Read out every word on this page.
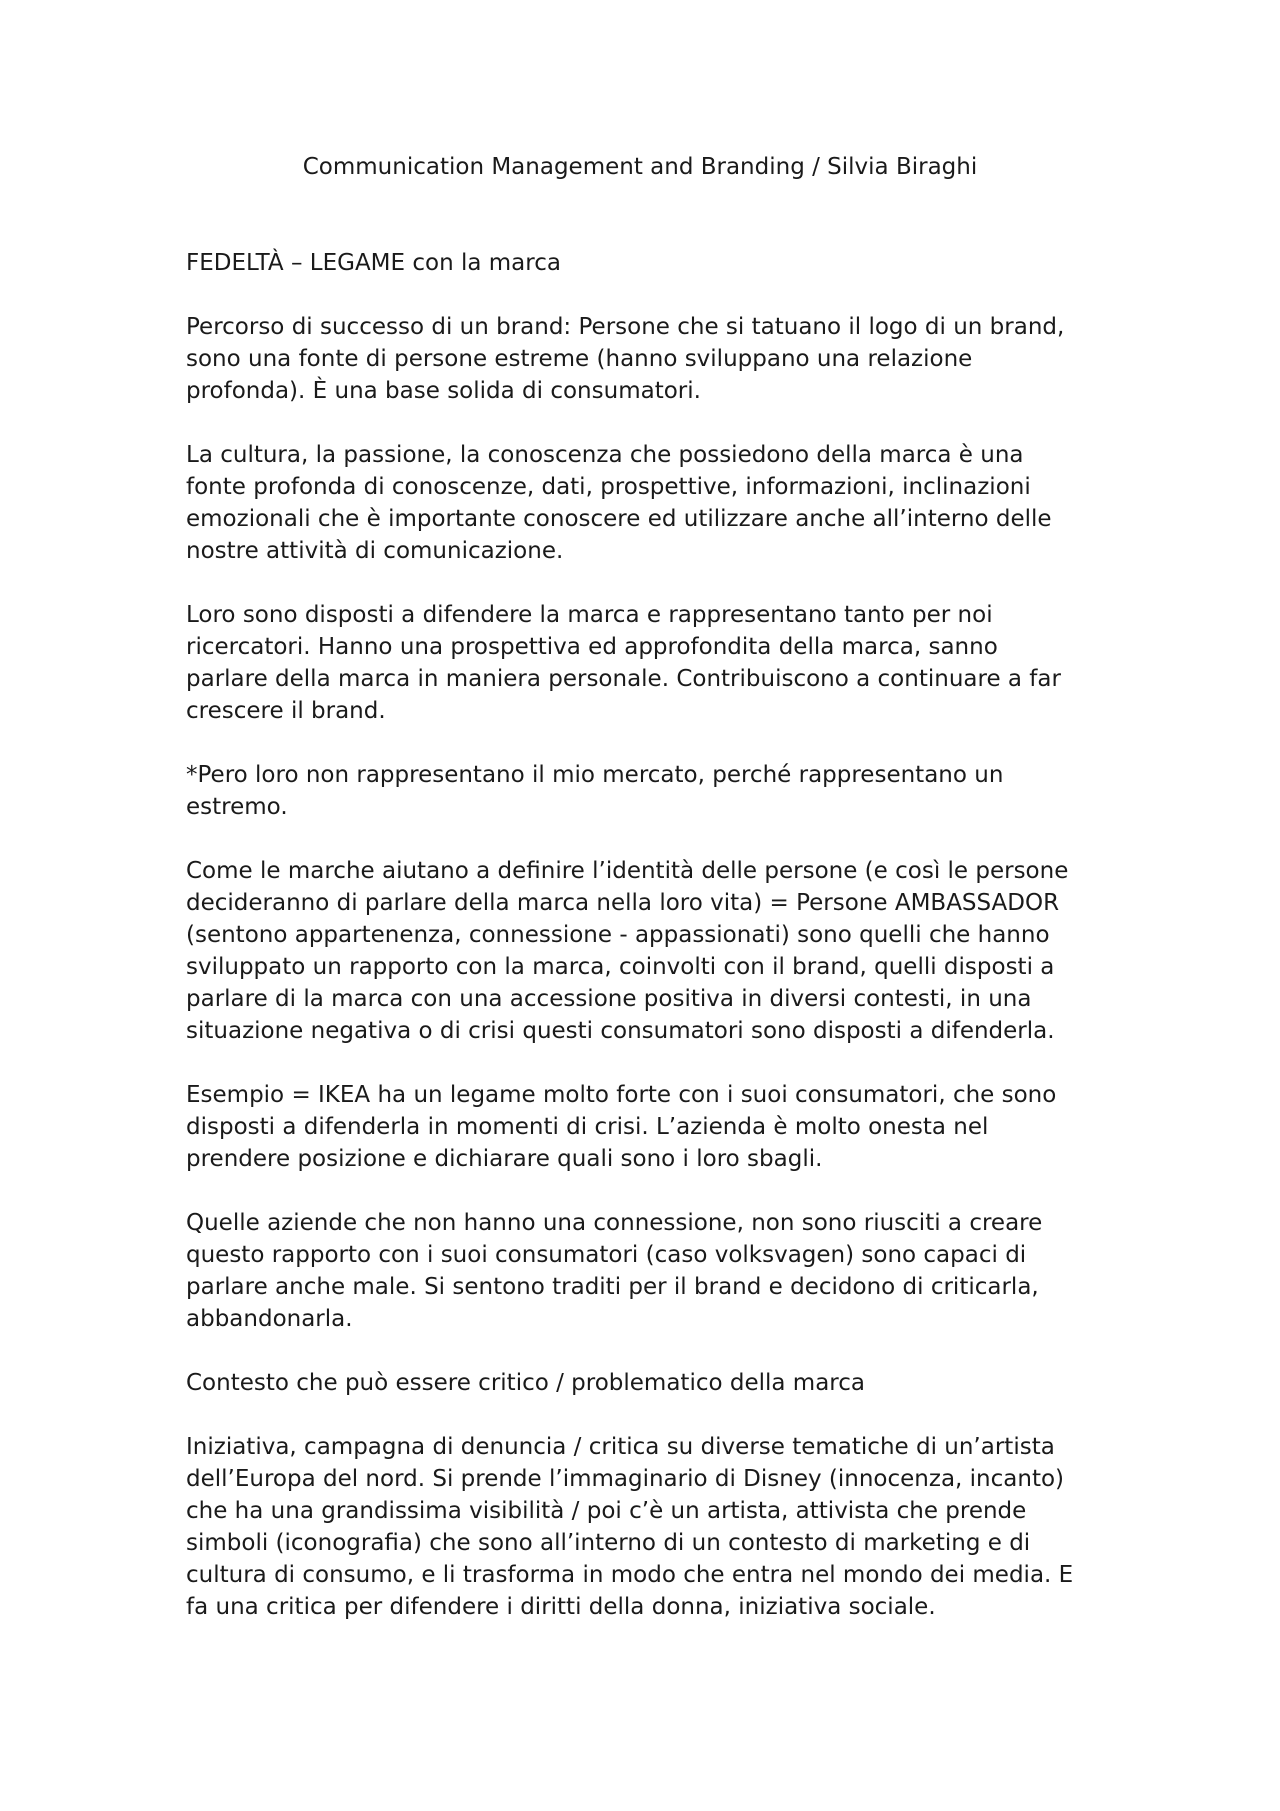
Communication Management and Branding / Silvia Biraghi

FEDELTÀ – LEGAME con la marca

Percorso di successo di un brand: Persone che si tatuano il logo di un brand,
sono una fonte di persone estreme (hanno sviluppano una relazione
profonda). È una base solida di consumatori.

La cultura, la passione, la conoscenza che possiedono della marca è una
fonte profonda di conoscenze, dati, prospettive, informazioni, inclinazioni
emozionali che è importante conoscere ed utilizzare anche all’interno delle
nostre attività di comunicazione.

Loro sono disposti a difendere la marca e rappresentano tanto per noi
ricercatori. Hanno una prospettiva ed approfondita della marca, sanno
parlare della marca in maniera personale. Contribuiscono a continuare a far
crescere il brand.

*Pero loro non rappresentano il mio mercato, perché rappresentano un
estremo.

Come le marche aiutano a definire l’identità delle persone (e così le persone
decideranno di parlare della marca nella loro vita) = Persone AMBASSADOR
(sentono appartenenza, connessione - appassionati) sono quelli che hanno
sviluppato un rapporto con la marca, coinvolti con il brand, quelli disposti a
parlare di la marca con una accessione positiva in diversi contesti, in una
situazione negativa o di crisi questi consumatori sono disposti a difenderla.

Esempio = IKEA ha un legame molto forte con i suoi consumatori, che sono
disposti a difenderla in momenti di crisi. L’azienda è molto onesta nel
prendere posizione e dichiarare quali sono i loro sbagli.

Quelle aziende che non hanno una connessione, non sono riusciti a creare
questo rapporto con i suoi consumatori (caso volksvagen) sono capaci di
parlare anche male. Si sentono traditi per il brand e decidono di criticarla,
abbandonarla.

Contesto che può essere critico / problematico della marca

Iniziativa, campagna di denuncia / critica su diverse tematiche di un’artista
dell’Europa del nord. Si prende l’immaginario di Disney (innocenza, incanto)
che ha una grandissima visibilità / poi c’è un artista, attivista che prende
simboli (iconografia) che sono all’interno di un contesto di marketing e di
cultura di consumo, e li trasforma in modo che entra nel mondo dei media. E
fa una critica per difendere i diritti della donna, iniziativa sociale.
